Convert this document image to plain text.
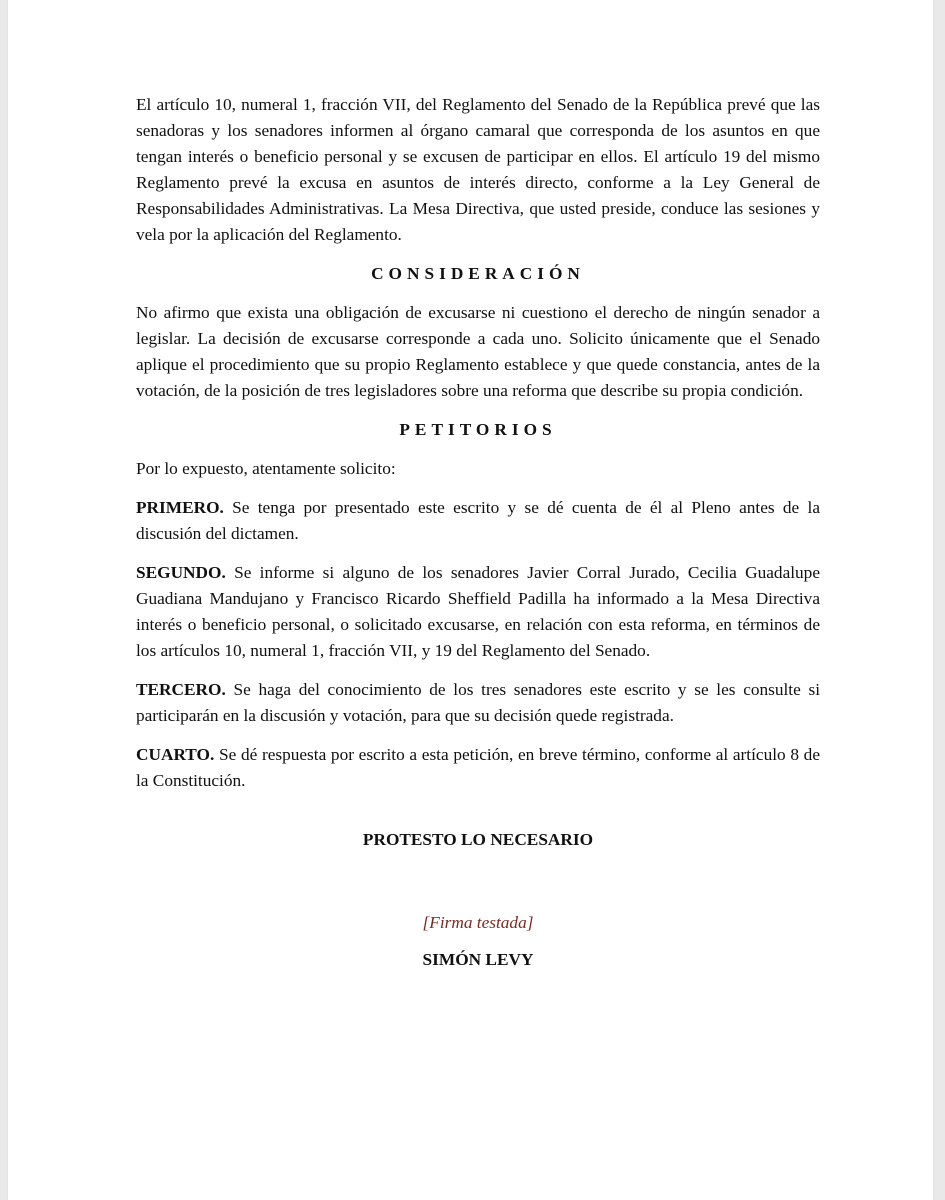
El artículo 10, numeral 1, fracción VII, del Reglamento del Senado de la República prevé que las senadoras y los senadores informen al órgano camaral que corresponda de los asuntos en que tengan interés o beneficio personal y se excusen de participar en ellos. El artículo 19 del mismo Reglamento prevé la excusa en asuntos de interés directo, conforme a la Ley General de Responsabilidades Administrativas. La Mesa Directiva, que usted preside, conduce las sesiones y vela por la aplicación del Reglamento.

CONSIDERACIÓN

No afirmo que exista una obligación de excusarse ni cuestiono el derecho de ningún senador a legislar. La decisión de excusarse corresponde a cada uno. Solicito únicamente que el Senado aplique el procedimiento que su propio Reglamento establece y que quede constancia, antes de la votación, de la posición de tres legisladores sobre una reforma que describe su propia condición.

PETITORIOS

Por lo expuesto, atentamente solicito:

PRIMERO. Se tenga por presentado este escrito y se dé cuenta de él al Pleno antes de la discusión del dictamen.

SEGUNDO. Se informe si alguno de los senadores Javier Corral Jurado, Cecilia Guadalupe Guadiana Mandujano y Francisco Ricardo Sheffield Padilla ha informado a la Mesa Directiva interés o beneficio personal, o solicitado excusarse, en relación con esta reforma, en términos de los artículos 10, numeral 1, fracción VII, y 19 del Reglamento del Senado.

TERCERO. Se haga del conocimiento de los tres senadores este escrito y se les consulte si participarán en la discusión y votación, para que su decisión quede registrada.

CUARTO. Se dé respuesta por escrito a esta petición, en breve término, conforme al artículo 8 de la Constitución.

PROTESTO LO NECESARIO
[Firma testada]
SIMÓN LEVY
